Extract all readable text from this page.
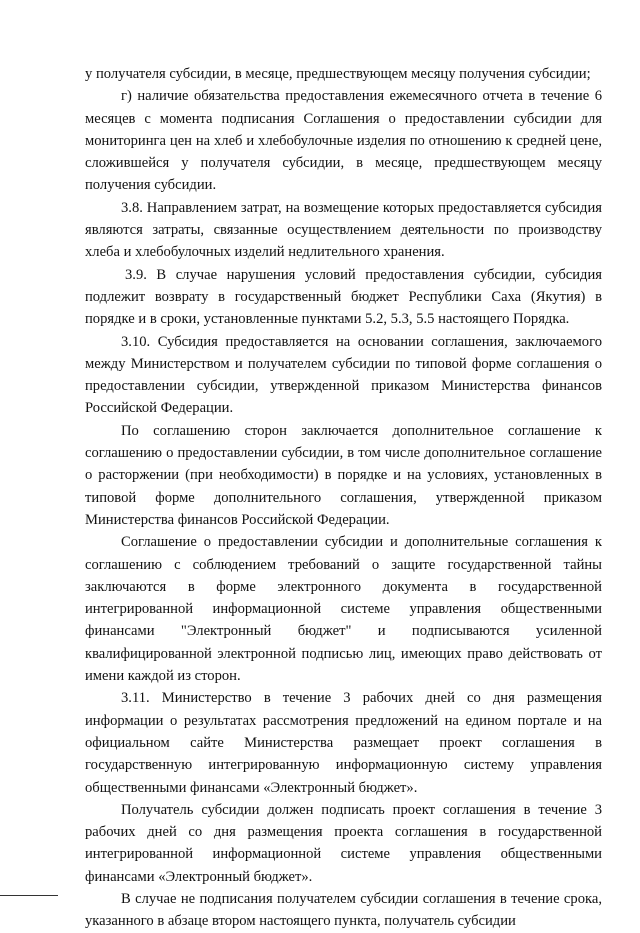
у получателя субсидии, в месяце, предшествующем месяцу получения субсидии;

г) наличие обязательства предоставления ежемесячного отчета в течение 6 месяцев с момента подписания Соглашения о предоставлении субсидии для мониторинга цен на хлеб и хлебобулочные изделия по отношению к средней цене, сложившейся у получателя субсидии, в месяце, предшествующем месяцу получения субсидии.

3.8. Направлением затрат, на возмещение которых предоставляется субсидия являются затраты, связанные осуществлением деятельности по производству хлеба и хлебобулочных изделий недлительного хранения.

3.9. В случае нарушения условий предоставления субсидии, субсидия подлежит возврату в государственный бюджет Республики Саха (Якутия) в порядке и в сроки, установленные пунктами 5.2, 5.3, 5.5 настоящего Порядка.

3.10. Субсидия предоставляется на основании соглашения, заключаемого между Министерством и получателем субсидии по типовой форме соглашения о предоставлении субсидии, утвержденной приказом Министерства финансов Российской Федерации.

По соглашению сторон заключается дополнительное соглашение к соглашению о предоставлении субсидии, в том числе дополнительное соглашение о расторжении (при необходимости) в порядке и на условиях, установленных в типовой форме дополнительного соглашения, утвержденной приказом Министерства финансов Российской Федерации.

Соглашение о предоставлении субсидии и дополнительные соглашения к соглашению с соблюдением требований о защите государственной тайны заключаются в форме электронного документа в государственной интегрированной информационной системе управления общественными финансами "Электронный бюджет" и подписываются усиленной квалифицированной электронной подписью лиц, имеющих право действовать от имени каждой из сторон.

3.11. Министерство в течение 3 рабочих дней со дня размещения информации о результатах рассмотрения предложений на едином портале и на официальном сайте Министерства размещает проект соглашения в государственную интегрированную информационную систему управления общественными финансами «Электронный бюджет».

Получатель субсидии должен подписать проект соглашения в течение 3 рабочих дней со дня размещения проекта соглашения в государственной интегрированной информационной системе управления общественными финансами «Электронный бюджет».

В случае не подписания получателем субсидии соглашения в течение срока, указанного в абзаце втором настоящего пункта, получатель субсидии
